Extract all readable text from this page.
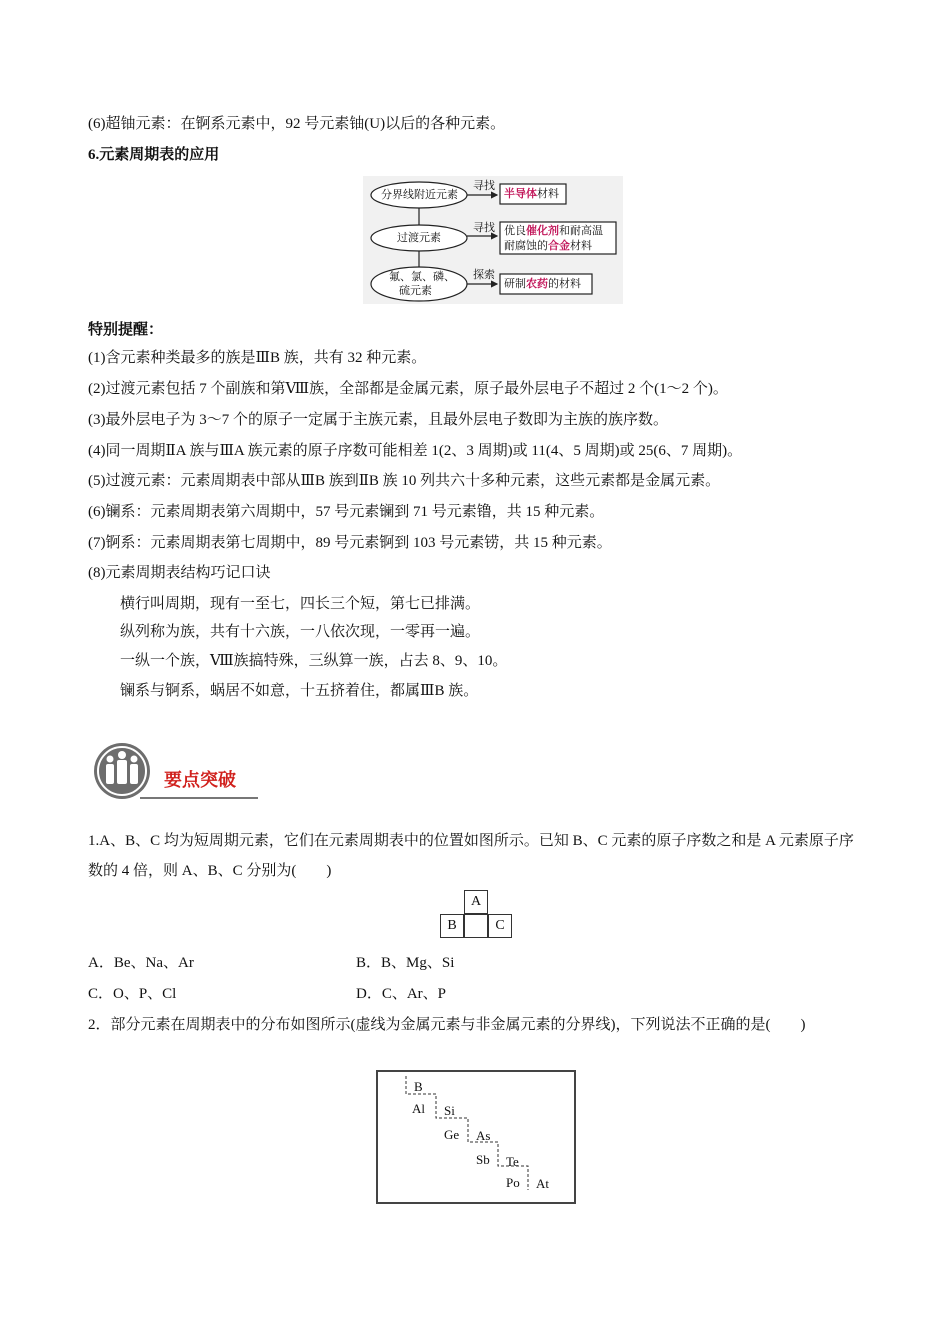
(6)超铀元素：在锕系元素中，92 号元素铀(U)以后的各种元素。
6.元素周期表的应用
分界线附近元素
过渡元素
氟、氯、磷、
硫元素
寻找
寻找
探索
半导体材料
优良催化剂和耐高温
耐腐蚀的合金材料
研制农药的材料
特别提醒：
(1)含元素种类最多的族是ⅢB 族，共有 32 种元素。
(2)过渡元素包括 7 个副族和第Ⅷ族，全部都是金属元素，原子最外层电子不超过 2 个(1～2 个)。
(3)最外层电子为 3～7 个的原子一定属于主族元素，且最外层电子数即为主族的族序数。
(4)同一周期ⅡA 族与ⅢA 族元素的原子序数可能相差 1(2、3 周期)或 11(4、5 周期)或 25(6、7 周期)。
(5)过渡元素：元素周期表中部从ⅢB 族到ⅡB 族 10 列共六十多种元素，这些元素都是金属元素。
(6)镧系：元素周期表第六周期中，57 号元素镧到 71 号元素镥，共 15 种元素。
(7)锕系：元素周期表第七周期中，89 号元素锕到 103 号元素铹，共 15 种元素。
(8)元素周期表结构巧记口诀
横行叫周期，现有一至七，四长三个短，第七已排满。
纵列称为族，共有十六族，一八依次现，一零再一遍。
一纵一个族，Ⅷ族搞特殊，三纵算一族，占去 8、9、10。
镧系与锕系，蜗居不如意，十五挤着住，都属ⅢB 族。
要点突破
1.A、B、C 均为短周期元素，它们在元素周期表中的位置如图所示。已知 B、C 元素的原子序数之和是 A 元素原子序数的 4 倍，则 A、B、C 分别为(　　)
A
B	C
A．Be、Na、Ar	B．B、Mg、Si
C．O、P、Cl	D．C、Ar、P
2．部分元素在周期表中的分布如图所示(虚线为金属元素与非金属元素的分界线)，下列说法不正确的是(　　)
B
Al Si
Ge As
Sb Te
Po At
